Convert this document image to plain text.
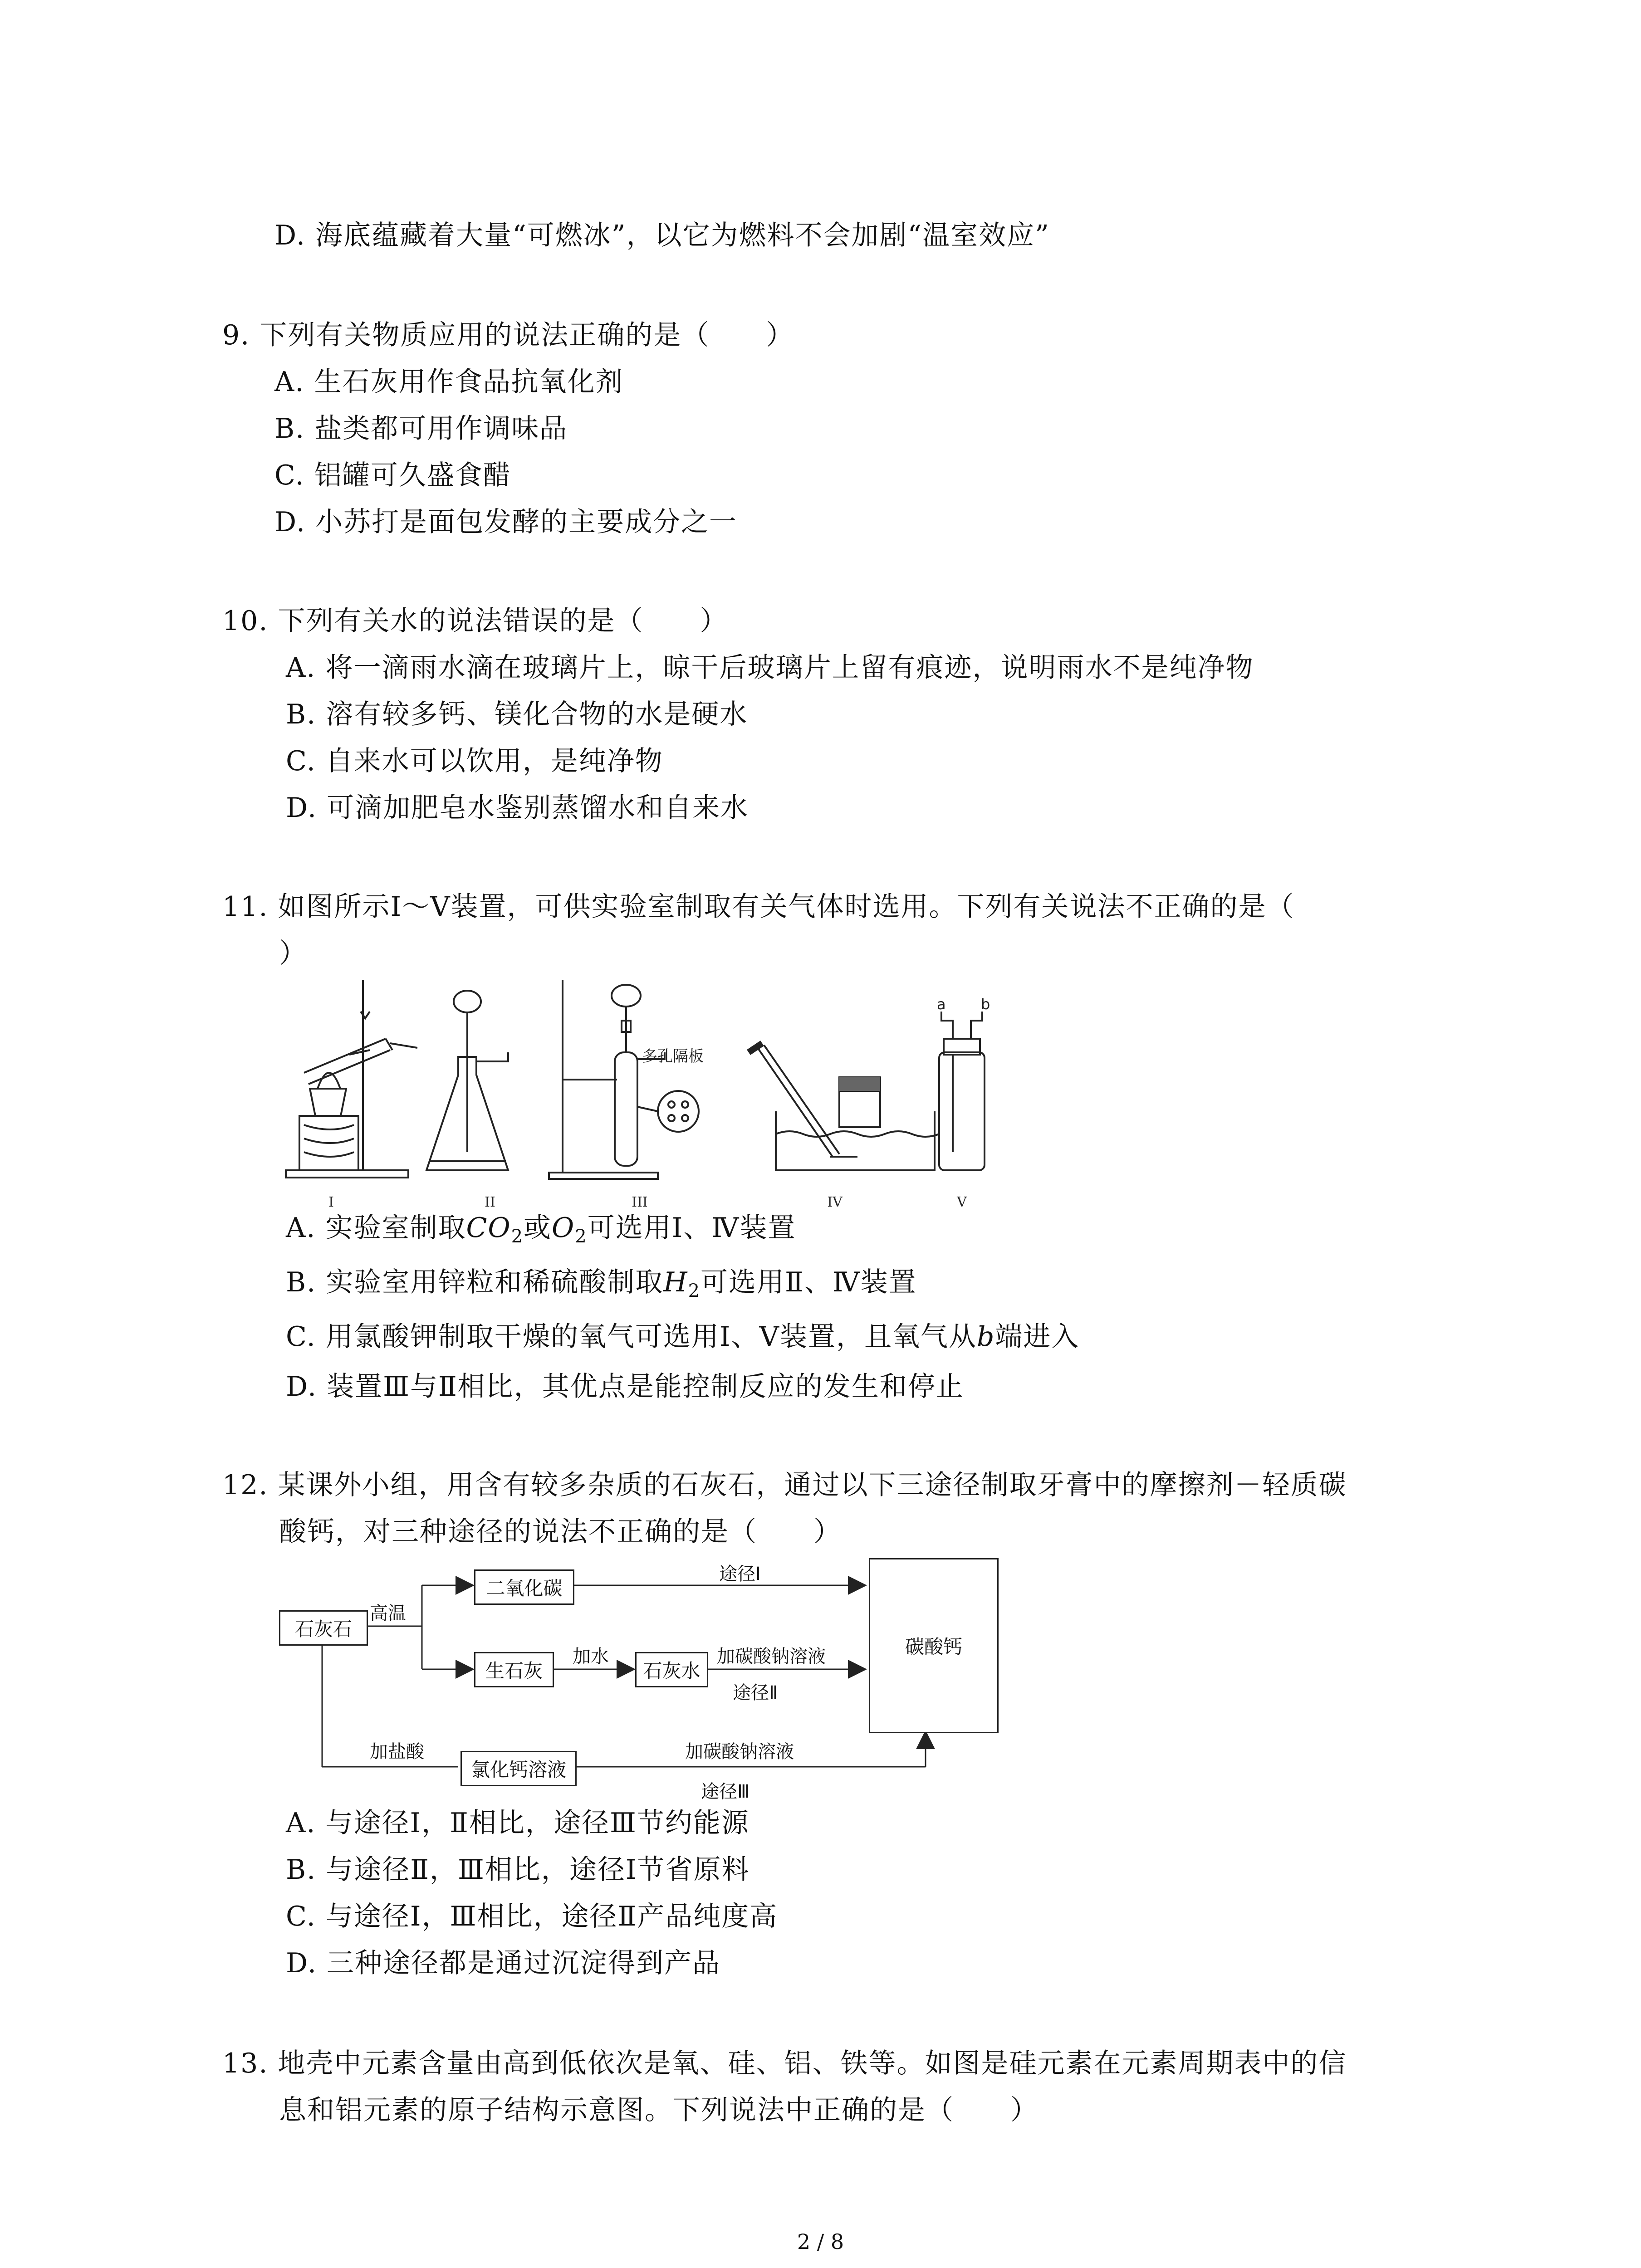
D. 海底蕴藏着大量“可燃冰”，以它为燃料不会加剧“温室效应”
9. 下列有关物质应用的说法正确的是（　　）
A. 生石灰用作食品抗氧化剂
B. 盐类都可用作调味品
C. 铝罐可久盛食醋
D. 小苏打是面包发酵的主要成分之一
10. 下列有关水的说法错误的是（　　）
A. 将一滴雨水滴在玻璃片上，晾干后玻璃片上留有痕迹，说明雨水不是纯净物
B. 溶有较多钙、镁化合物的水是硬水
C. 自来水可以饮用，是纯净物
D. 可滴加肥皂水鉴别蒸馏水和自来水
11. 如图所示Ⅰ～Ⅴ装置，可供实验室制取有关气体时选用。下列有关说法不正确的是（
）
多孔隔板
a b
I	II	III	IV	V
A. 实验室制取$CO_2$或$O_2$可选用Ⅰ、Ⅳ装置
B. 实验室用锌粒和稀硫酸制取$H_2$可选用Ⅱ、Ⅳ装置
C. 用氯酸钾制取干燥的氧气可选用Ⅰ、Ⅴ装置，且氧气从b端进入
D. 装置Ⅲ与Ⅱ相比，其优点是能控制反应的发生和停止
12. 某课外小组，用含有较多杂质的石灰石，通过以下三途径制取牙膏中的摩擦剂－轻质碳
酸钙，对三种途径的说法不正确的是（　　）
石灰石
二氧化碳
生石灰	石灰水
碳酸钙
氯化钙溶液
高温
加水	加碳酸钠溶液
加碳酸钠溶液
加盐酸
途径Ⅰ
途径Ⅱ
途径Ⅲ
A. 与途径Ⅰ，Ⅱ相比，途径Ⅲ节约能源
B. 与途径Ⅱ，Ⅲ相比，途径Ⅰ节省原料
C. 与途径Ⅰ，Ⅲ相比，途径Ⅱ产品纯度高
D. 三种途径都是通过沉淀得到产品
13. 地壳中元素含量由高到低依次是氧、硅、铝、铁等。如图是硅元素在元素周期表中的信
息和铝元素的原子结构示意图。下列说法中正确的是（　　）
2 / 8
